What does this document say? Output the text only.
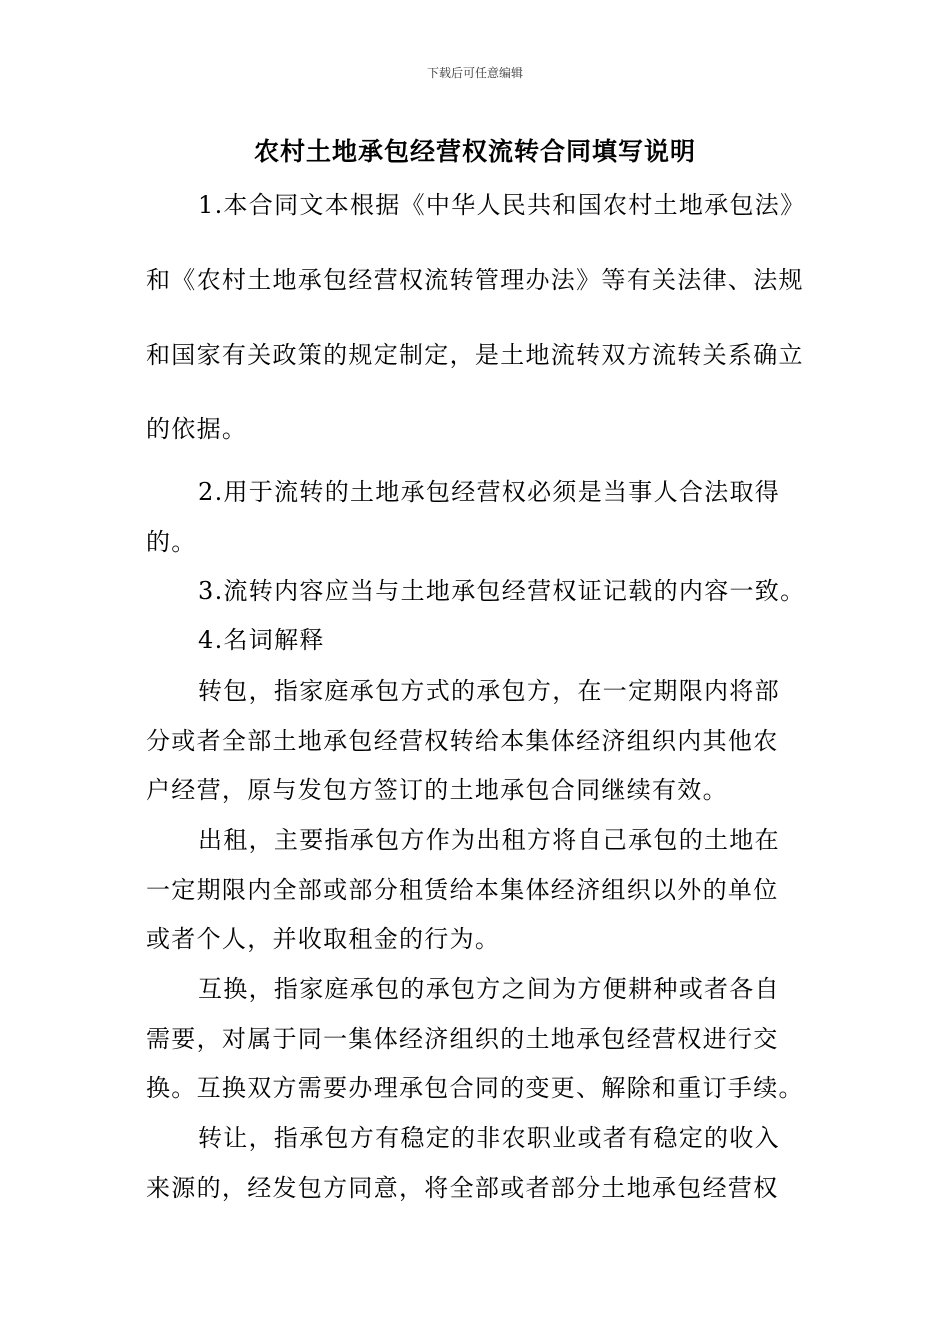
下载后可任意编辑
农村土地承包经营权流转合同填写说明
1.本合同文本根据《中华人民共和国农村土地承包法》
和《农村土地承包经营权流转管理办法》等有关法律、法规
和国家有关政策的规定制定，是土地流转双方流转关系确立
的依据。
2.用于流转的土地承包经营权必须是当事人合法取得
的。
3.流转内容应当与土地承包经营权证记载的内容一致。
4.名词解释
转包，指家庭承包方式的承包方，在一定期限内将部
分或者全部土地承包经营权转给本集体经济组织内其他农
户经营，原与发包方签订的土地承包合同继续有效。
出租，主要指承包方作为出租方将自己承包的土地在
一定期限内全部或部分租赁给本集体经济组织以外的单位
或者个人，并收取租金的行为。
互换，指家庭承包的承包方之间为方便耕种或者各自
需要，对属于同一集体经济组织的土地承包经营权进行交
换。互换双方需要办理承包合同的变更、解除和重订手续。
转让，指承包方有稳定的非农职业或者有稳定的收入
来源的，经发包方同意，将全部或者部分土地承包经营权
